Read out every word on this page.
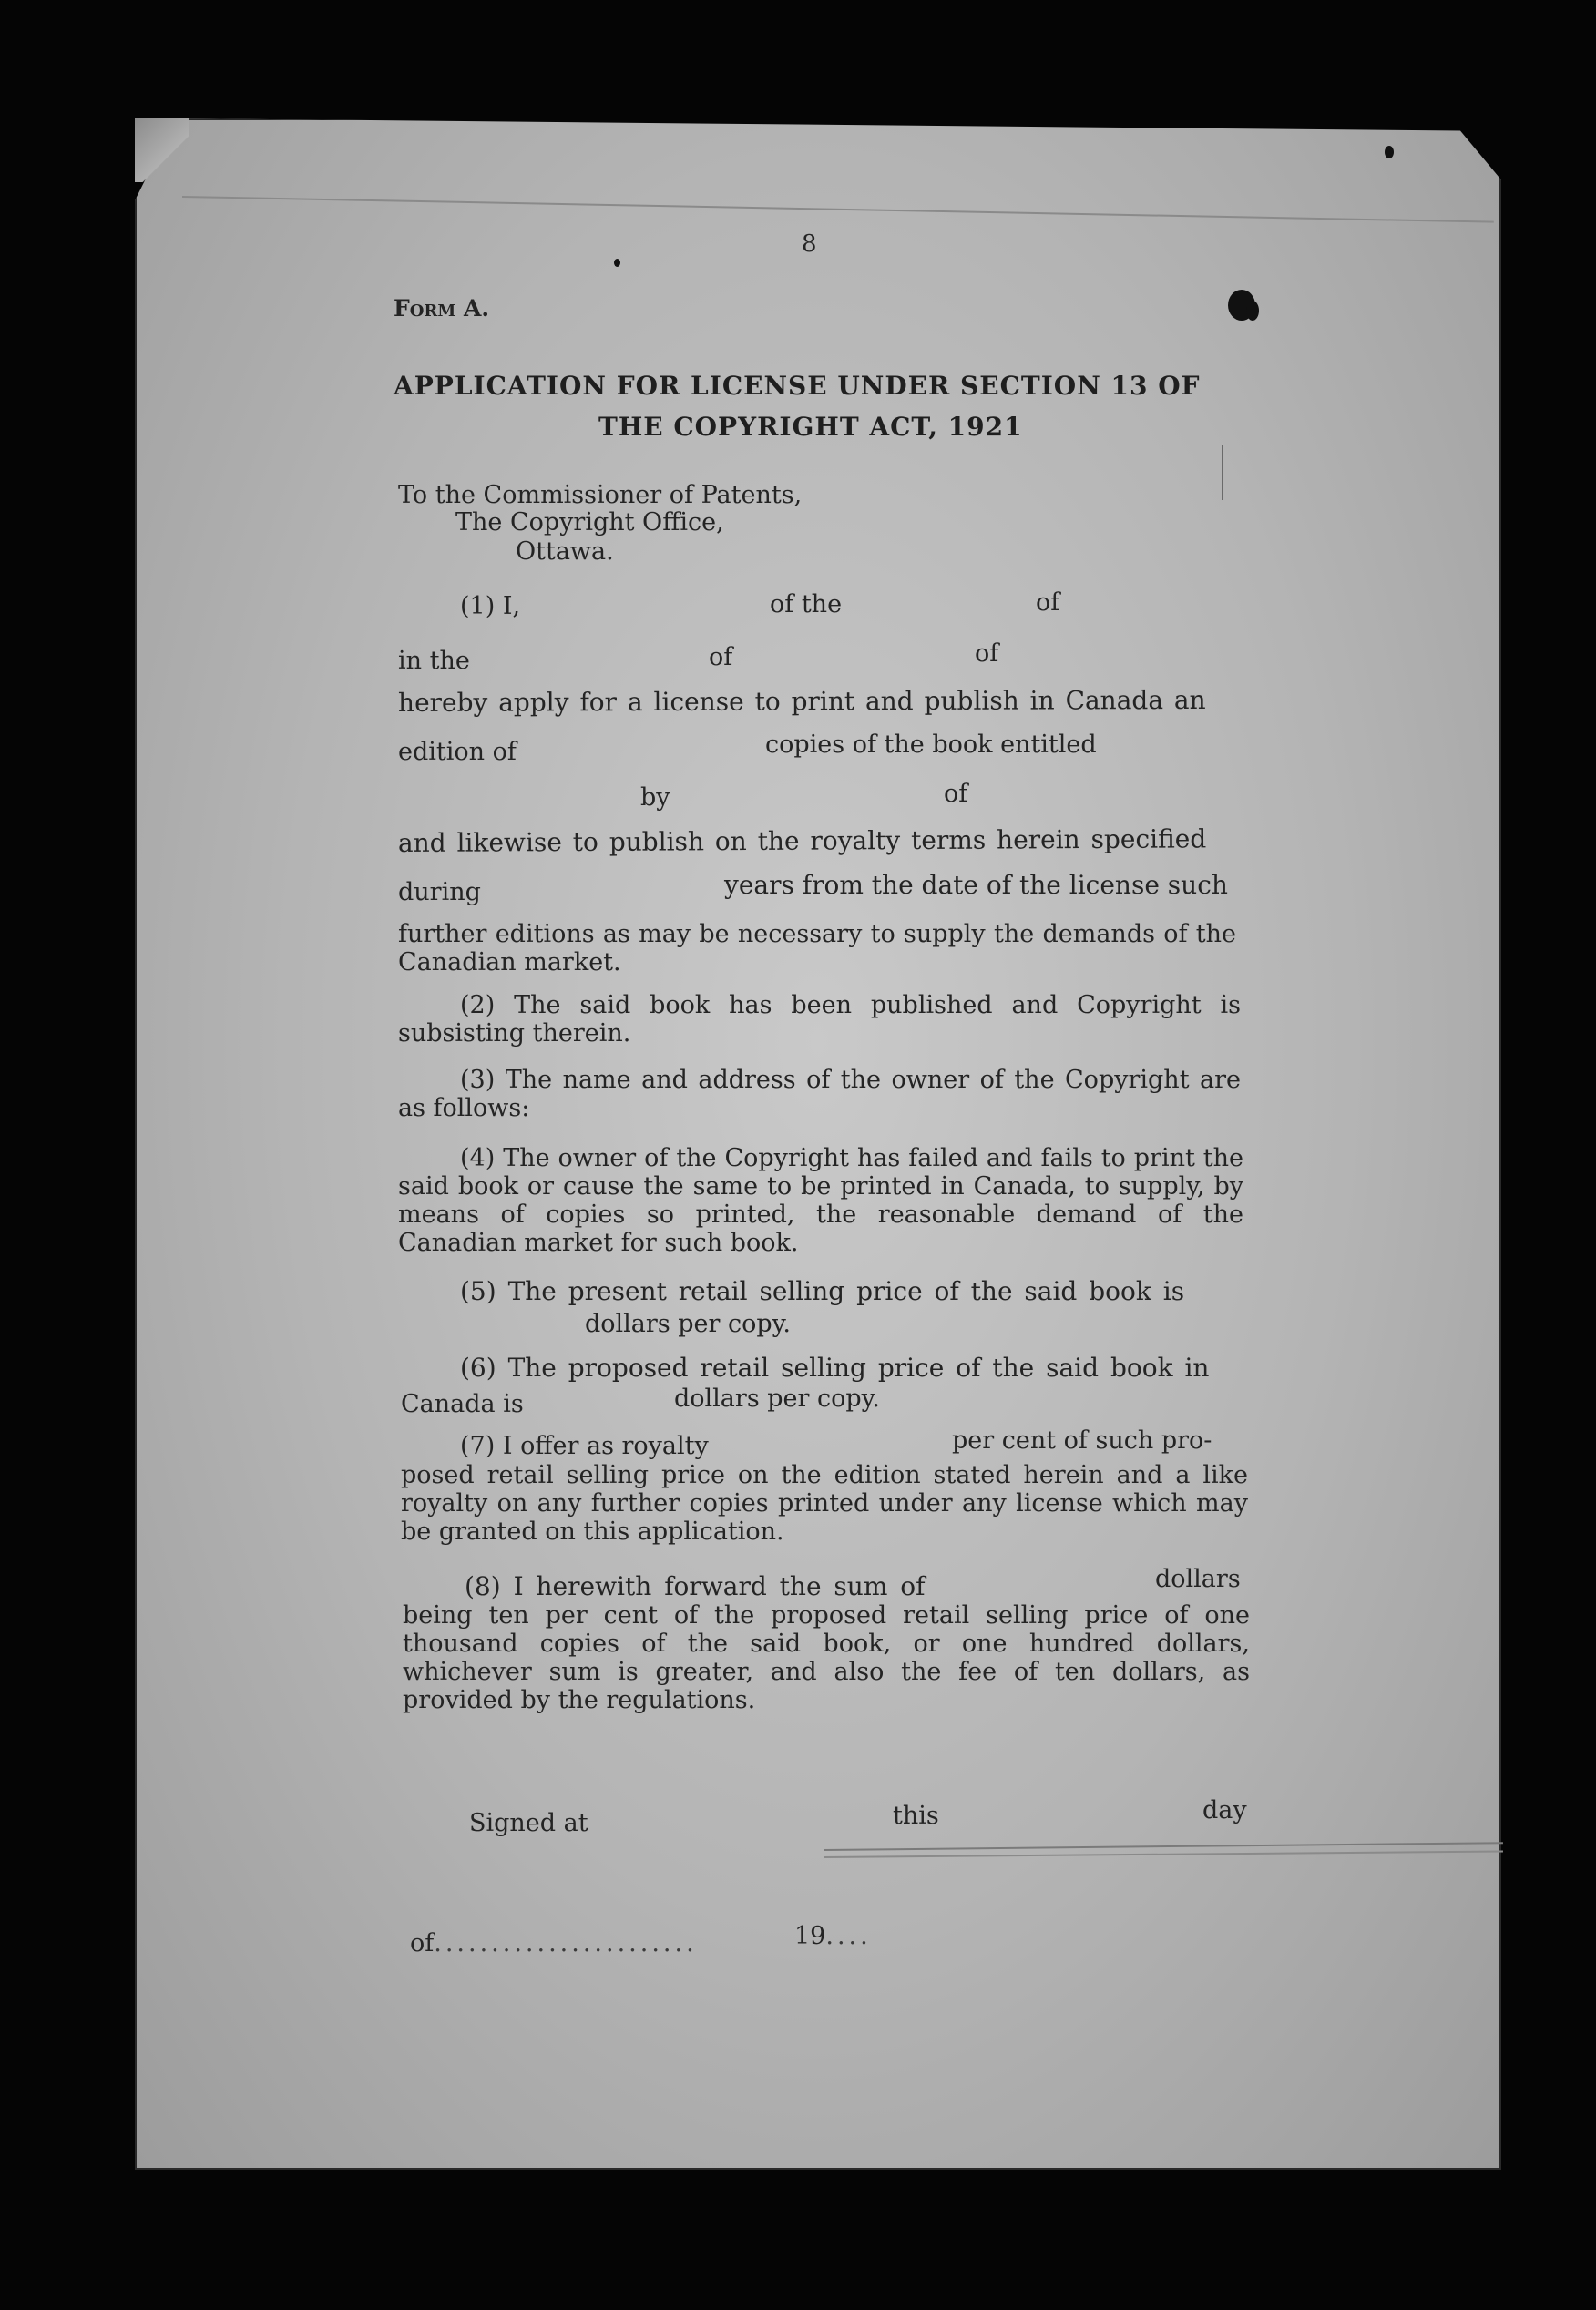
8
Form A.
APPLICATION FOR LICENSE UNDER SECTION 13 OF
THE COPYRIGHT ACT, 1921
To the Commissioner of Patents,
The Copyright Office,
Ottawa.
(1) I,	of the	of
in the	of	of
hereby apply for a license to print and publish in Canada an
edition of	copies of the book entitled
by	of
and likewise to publish on the royalty terms herein specified
during	years from the date of the license such
further editions as may be necessary to supply the demands of the Canadian market.
(2) The said book has been published and Copyright is subsisting therein.
(3) The name and address of the owner of the Copyright are as follows:
(4) The owner of the Copyright has failed and fails to print the said book or cause the same to be printed in Canada, to supply, by means of copies so printed, the reasonable demand of the Canadian market for such book.
(5) The present retail selling price of the said book is
dollars per copy.
(6) The proposed retail selling price of the said book in
Canada is	dollars per copy.
(7) I offer as royalty	per cent of such pro-
posed retail selling price on the edition stated herein and a like royalty on any further copies printed under any license which may be granted on this application.
(8) I herewith forward the sum of	dollars
being ten per cent of the proposed retail selling price of one thousand copies of the said book, or one hundred dollars, whichever sum is greater, and also the fee of ten dollars, as provided by the regulations.
Signed at	this	day
of.......................	19....
